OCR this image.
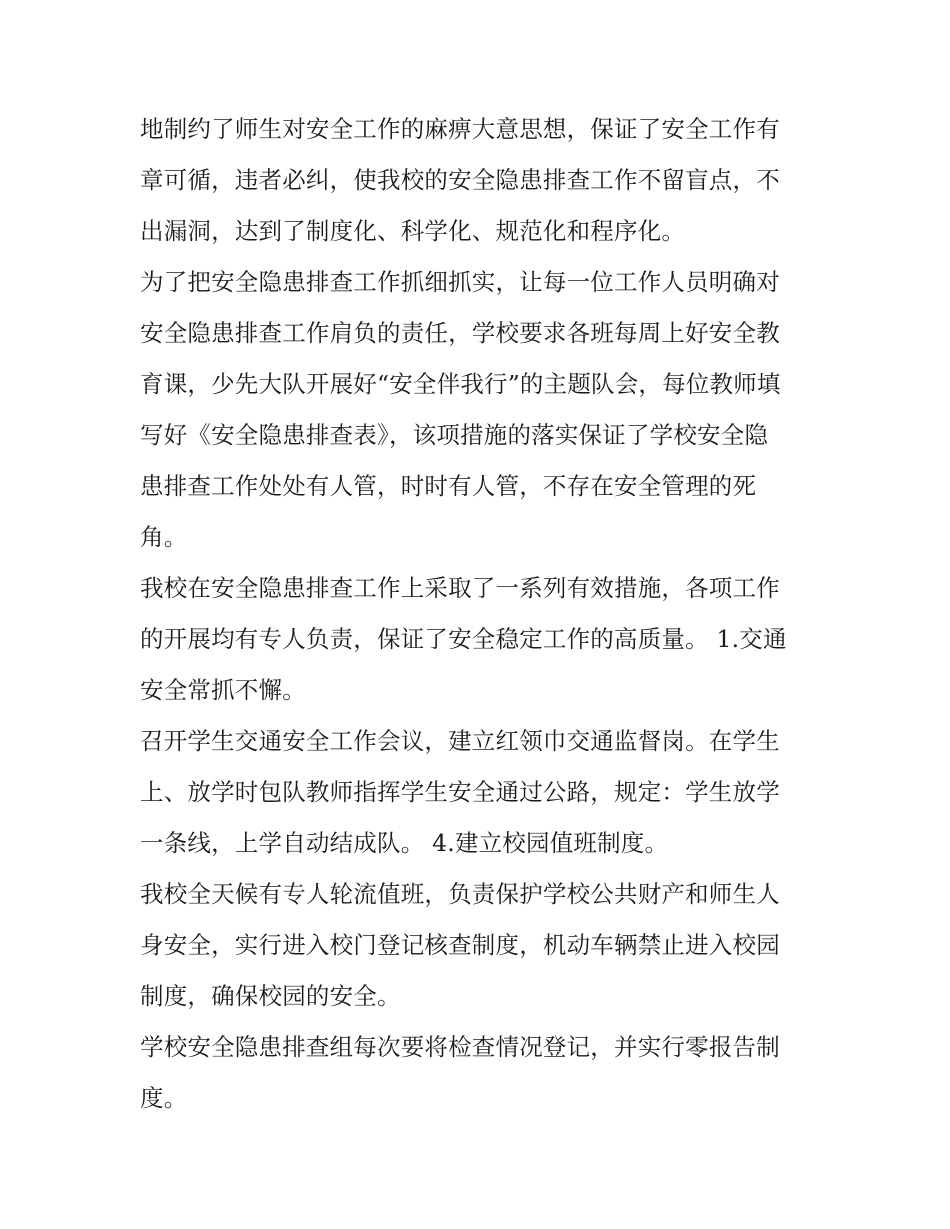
地制约了师生对安全工作的麻痹大意思想，保证了安全工作有
章可循，违者必纠，使我校的安全隐患排查工作不留盲点，不
出漏洞，达到了制度化、科学化、规范化和程序化。
为了把安全隐患排查工作抓细抓实，让每一位工作人员明确对
安全隐患排查工作肩负的责任，学校要求各班每周上好安全教
育课，少先大队开展好“安全伴我行”的主题队会，每位教师填
写好《安全隐患排查表》，该项措施的落实保证了学校安全隐
患排查工作处处有人管，时时有人管，不存在安全管理的死
角。
我校在安全隐患排查工作上采取了一系列有效措施，各项工作
的开展均有专人负责，保证了安全稳定工作的高质量。 1.交通
安全常抓不懈。
召开学生交通安全工作会议，建立红领巾交通监督岗。在学生
上、放学时包队教师指挥学生安全通过公路，规定：学生放学
一条线，上学自动结成队。 4.建立校园值班制度。
我校全天候有专人轮流值班，负责保护学校公共财产和师生人
身安全，实行进入校门登记核查制度，机动车辆禁止进入校园
制度，确保校园的安全。
学校安全隐患排查组每次要将检查情况登记，并实行零报告制
度。
